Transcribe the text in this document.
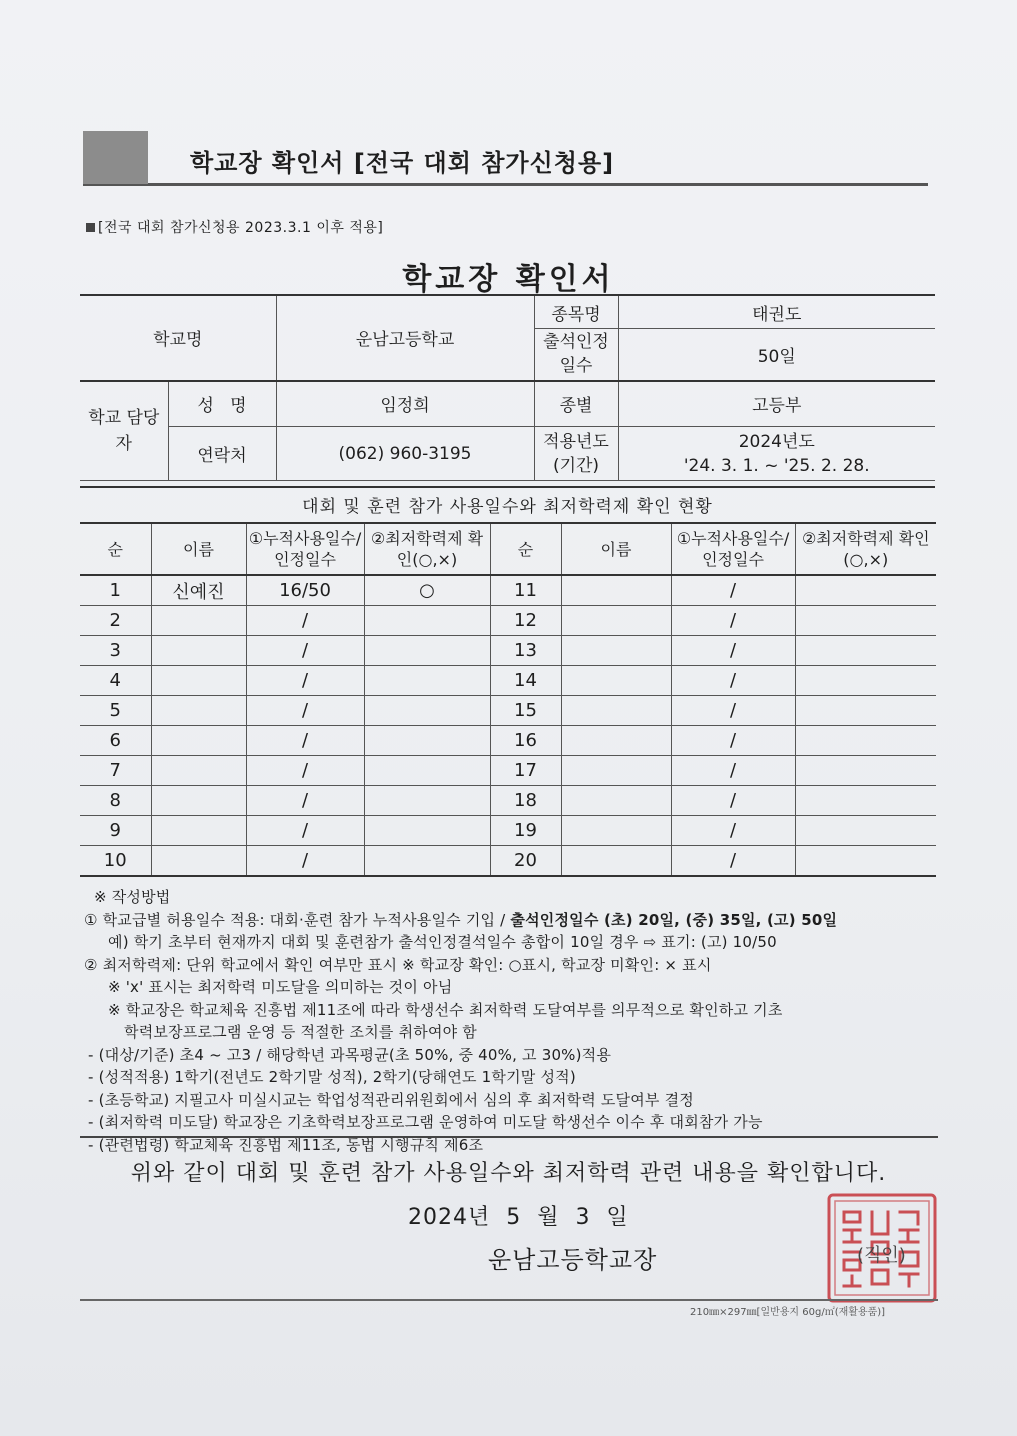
학교장 확인서 [전국 대회 참가신청용]
[전국 대회 참가신청용 2023.3.1 이후 적용]
학교장 확인서
학교명		운남고등학교	종목명	태권도
			출석인정 일수	50일
학교 담당자	성   명	임정희	종별	고등부
	연락처	(062) 960-3195	적용년도 (기간)	2024년도
'24. 3. 1. ~ '25. 2. 28.
대회 및 훈련 참가 사용일수와 최저학력제 확인 현황
순	이름	①누적사용일수/인정일수	②최저학력제 확인(○,×)	순	이름	①누적사용일수/인정일수	②최저학력제 확인(○,×)
1	신예진	16/50	○	11		/	
2		/		12		/	
3		/		13		/	
4		/		14		/	
5		/		15		/	
6		/		16		/	
7		/		17		/	
8		/		18		/	
9		/		19		/	
10		/		20		/	

※ 작성방법

① 학교급별 허용일수 적용: 대회·훈련 참가 누적사용일수 기입 / 출석인정일수 (초) 20일, (중) 35일, (고) 50일

예) 학기 초부터 현재까지 대회 및 훈련참가 출석인정결석일수 총합이 10일 경우 ⇨ 표기: (고) 10/50

② 최저학력제: 단위 학교에서 확인 여부만 표시 ※ 학교장 확인: ○표시, 학교장 미확인: × 표시

※ 'x' 표시는 최저학력 미도달을 의미하는 것이 아님

※ 학교장은 학교체육 진흥법 제11조에 따라 학생선수 최저학력 도달여부를 의무적으로 확인하고 기초

학력보장프로그램 운영 등 적절한 조치를 취하여야 함

- (대상/기준) 초4 ~ 고3 / 해당학년 과목평균(초 50%, 중 40%, 고 30%)적용

- (성적적용) 1학기(전년도 2학기말 성적), 2학기(당해연도 1학기말 성적)

- (초등학교) 지필고사 미실시교는 학업성적관리위원회에서 심의 후 최저학력 도달여부 결정

- (최저학력 미도달) 학교장은 기초학력보장프로그램 운영하여 미도달 학생선수 이수 후 대회참가 가능

- (관련법령) 학교체육 진흥법 제11조, 동법 시행규칙 제6조

위와 같이 대회 및 훈련 참가 사용일수와 최저학력 관련 내용을 확인합니다.
2024년  5  월  3  일
운남고등학교장	(직인)
210㎜×297㎜[일반용지 60g/㎡(재활용품)]
